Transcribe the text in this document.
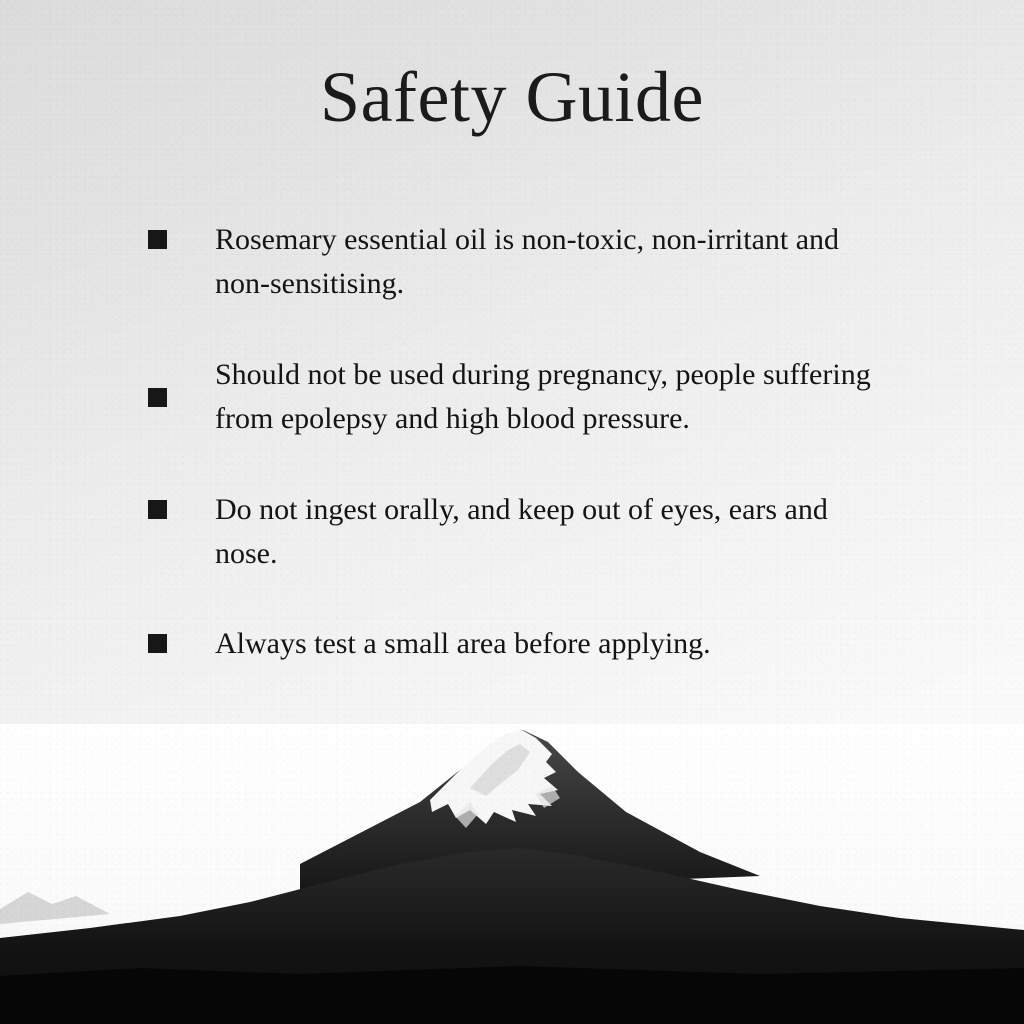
Safety Guide
Rosemary essential oil is non-toxic, non-irritant and non-sensitising.
Should not be used during pregnancy, people suffering from epolepsy and high blood pressure.
Do not ingest orally, and keep out of eyes, ears and nose.
Always test a small area before applying.
